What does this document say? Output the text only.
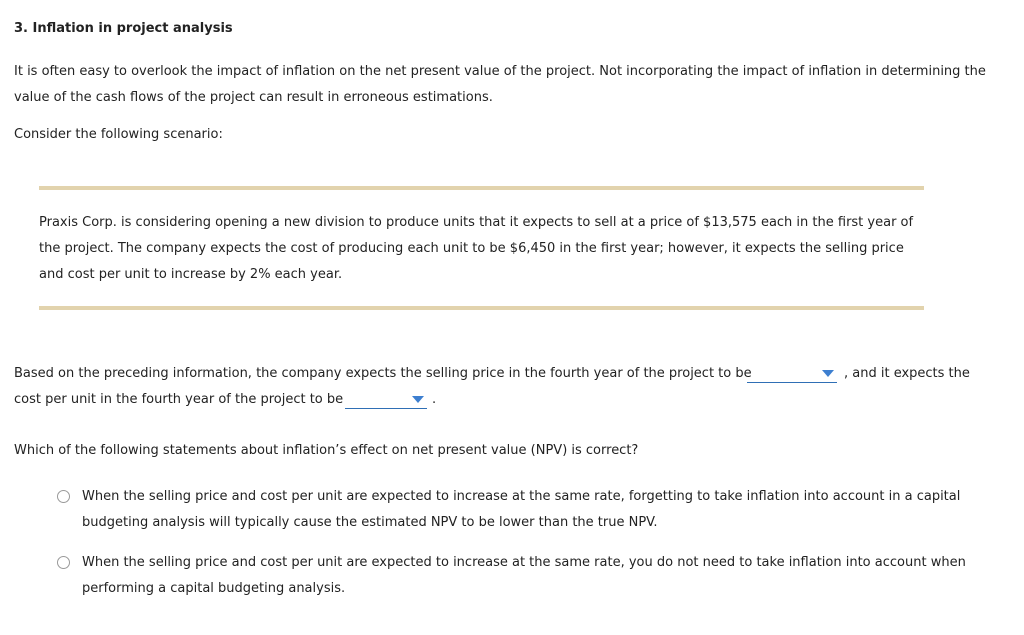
3. Inflation in project analysis
It is often easy to overlook the impact of inflation on the net present value of the project. Not incorporating the impact of inflation in determining the
value of the cash flows of the project can result in erroneous estimations.
Consider the following scenario:
Praxis Corp. is considering opening a new division to produce units that it expects to sell at a price of $13,575 each in the first year of
the project. The company expects the cost of producing each unit to be $6,450 in the first year; however, it expects the selling price
and cost per unit to increase by 2% each year.
Based on the preceding information, the company expects the selling price in the fourth year of the project to be	, and it expects the
cost per unit in the fourth year of the project to be	.
Which of the following statements about inflation’s effect on net present value (NPV) is correct?
When the selling price and cost per unit are expected to increase at the same rate, forgetting to take inflation into account in a capital
budgeting analysis will typically cause the estimated NPV to be lower than the true NPV.
When the selling price and cost per unit are expected to increase at the same rate, you do not need to take inflation into account when
performing a capital budgeting analysis.
